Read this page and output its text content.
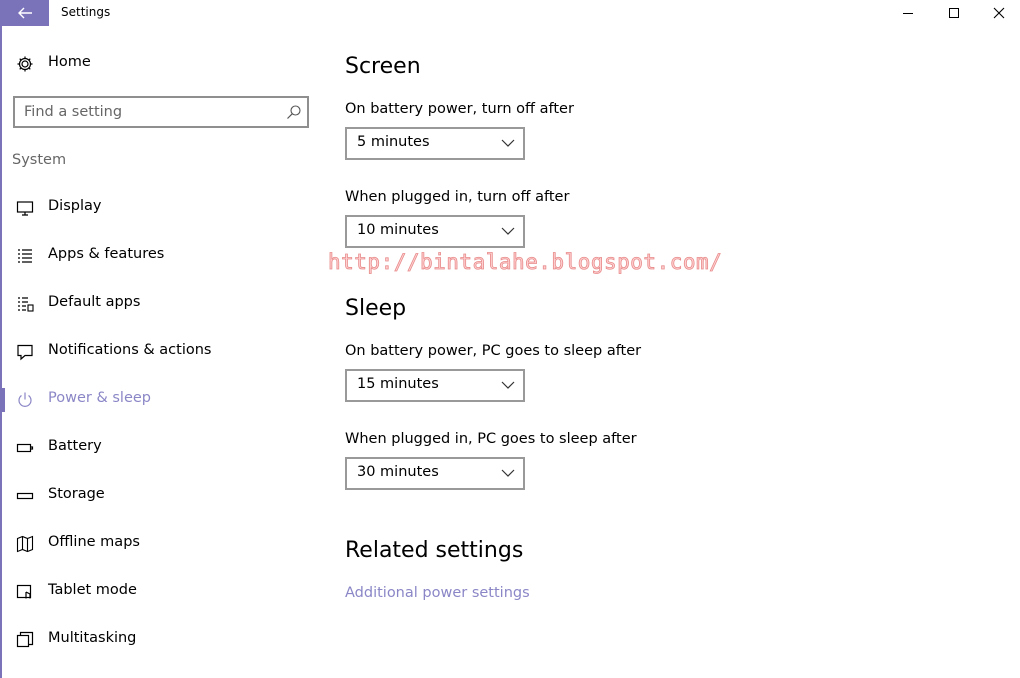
Settings
Home
Find a setting
System
Display
Apps & features
Default apps
Notifications & actions
Power & sleep
Battery
Storage
Offline maps
Tablet mode
Multitasking
Screen
On battery power, turn off after
5 minutes
When plugged in, turn off after
10 minutes
http://bintalahe.blogspot.com/
Sleep
On battery power, PC goes to sleep after
15 minutes
When plugged in, PC goes to sleep after
30 minutes
Related settings
Additional power settings
